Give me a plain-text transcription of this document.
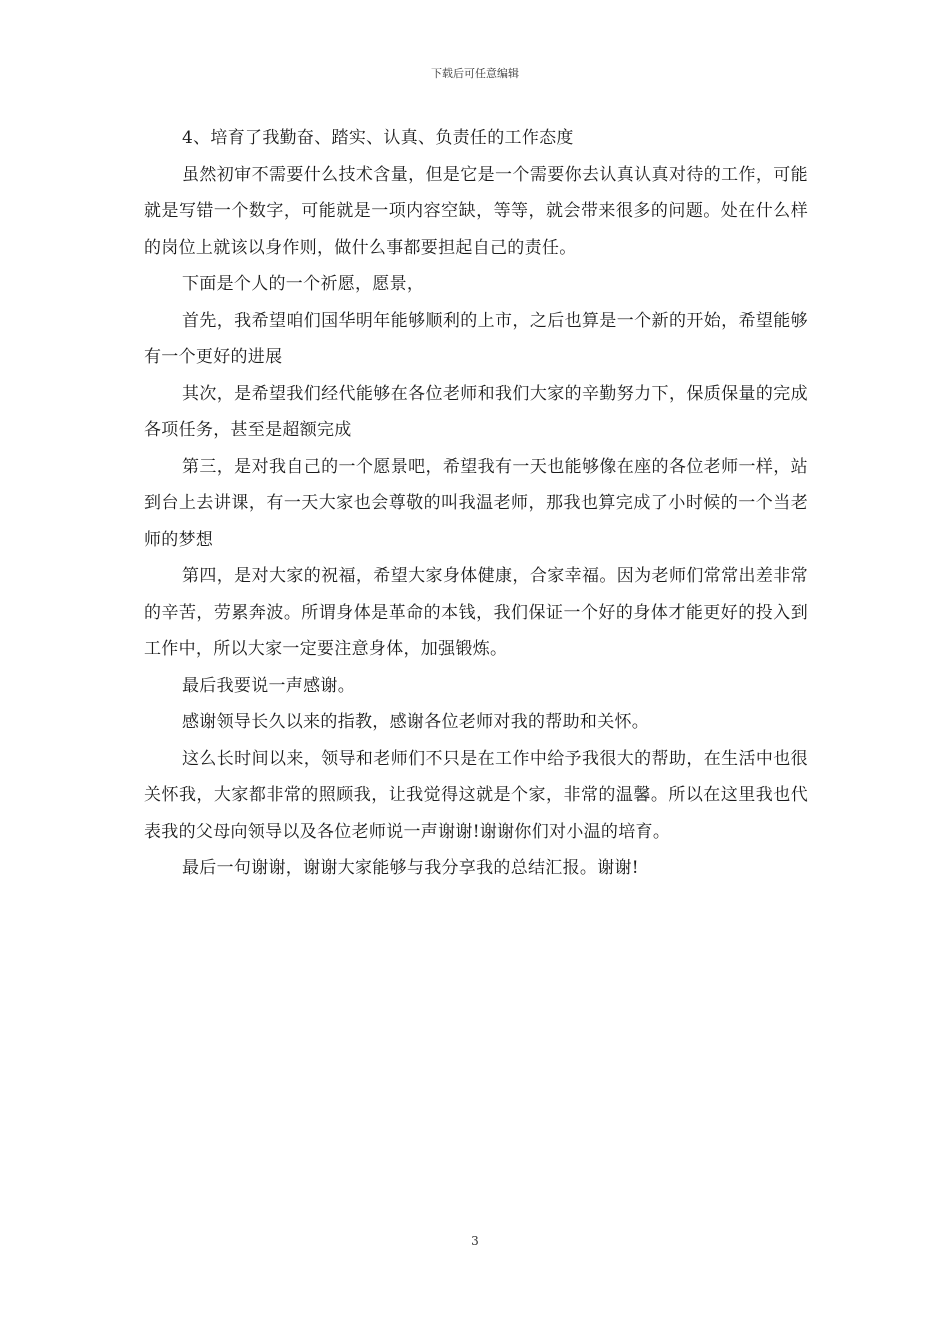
下载后可任意编辑

4、培育了我勤奋、踏实、认真、负责任的工作态度

虽然初审不需要什么技术含量，但是它是一个需要你去认真认真对待的工作，可能就是写错一个数字，可能就是一项内容空缺，等等，就会带来很多的问题。处在什么样的岗位上就该以身作则，做什么事都要担起自己的责任。

下面是个人的一个祈愿，愿景，

首先，我希望咱们国华明年能够顺利的上市，之后也算是一个新的开始，希望能够有一个更好的进展

其次，是希望我们经代能够在各位老师和我们大家的辛勤努力下，保质保量的完成各项任务，甚至是超额完成

第三，是对我自己的一个愿景吧，希望我有一天也能够像在座的各位老师一样，站到台上去讲课，有一天大家也会尊敬的叫我温老师，那我也算完成了小时候的一个当老师的梦想

第四，是对大家的祝福，希望大家身体健康，合家幸福。因为老师们常常出差非常的辛苦，劳累奔波。所谓身体是革命的本钱，我们保证一个好的身体才能更好的投入到工作中，所以大家一定要注意身体，加强锻炼。

最后我要说一声感谢。

感谢领导长久以来的指教，感谢各位老师对我的帮助和关怀。

这么长时间以来，领导和老师们不只是在工作中给予我很大的帮助，在生活中也很关怀我，大家都非常的照顾我，让我觉得这就是个家，非常的温馨。所以在这里我也代表我的父母向领导以及各位老师说一声谢谢!谢谢你们对小温的培育。

最后一句谢谢，谢谢大家能够与我分享我的总结汇报。谢谢!

3
